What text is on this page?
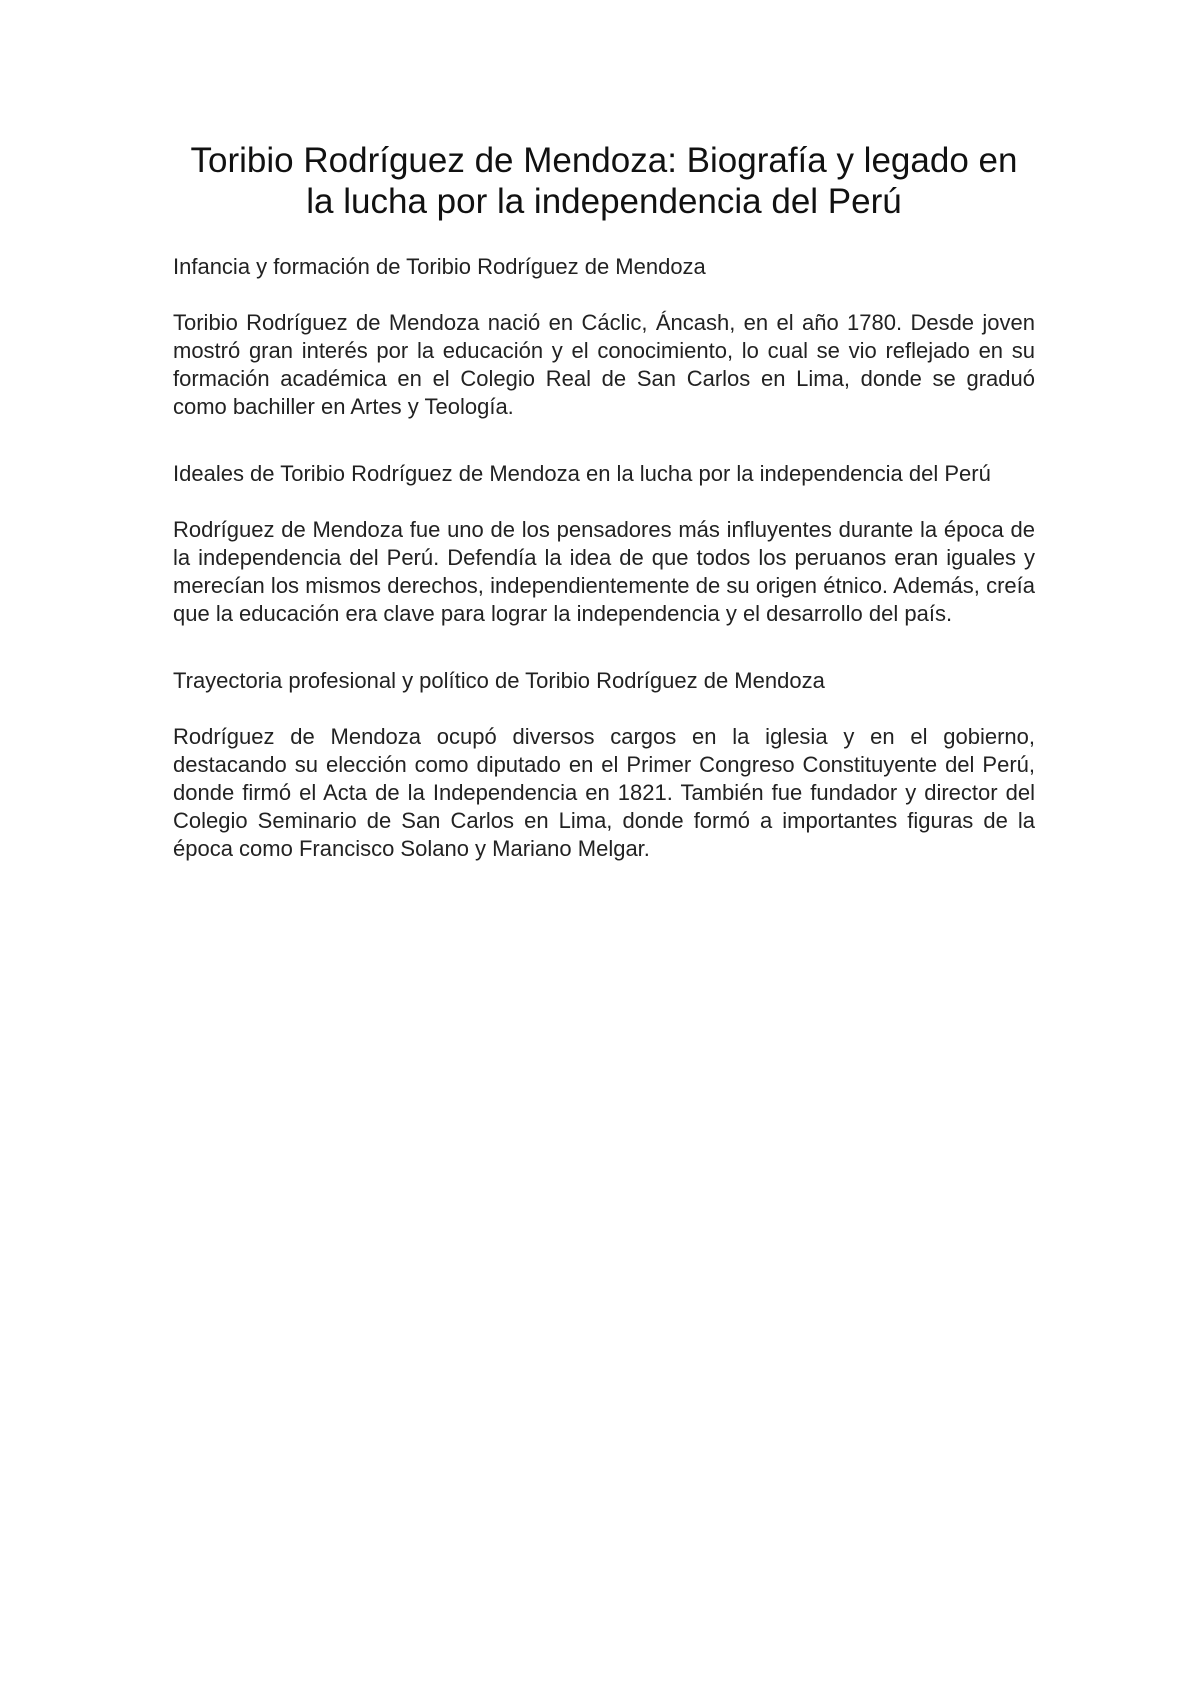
Toribio Rodríguez de Mendoza: Biografía y legado en la lucha por la independencia del Perú
Infancia y formación de Toribio Rodríguez de Mendoza

Toribio Rodríguez de Mendoza nació en Cáclic, Áncash, en el año 1780. Desde joven mostró gran interés por la educación y el conocimiento, lo cual se vio reflejado en su formación académica en el Colegio Real de San Carlos en Lima, donde se graduó como bachiller en Artes y Teología.

Ideales de Toribio Rodríguez de Mendoza en la lucha por la independencia del Perú

Rodríguez de Mendoza fue uno de los pensadores más influyentes durante la época de la independencia del Perú. Defendía la idea de que todos los peruanos eran iguales y merecían los mismos derechos, independientemente de su origen étnico. Además, creía que la educación era clave para lograr la independencia y el desarrollo del país.

Trayectoria profesional y político de Toribio Rodríguez de Mendoza

Rodríguez de Mendoza ocupó diversos cargos en la iglesia y en el gobierno, destacando su elección como diputado en el Primer Congreso Constituyente del Perú, donde firmó el Acta de la Independencia en 1821. También fue fundador y director del Colegio Seminario de San Carlos en Lima, donde formó a importantes figuras de la época como Francisco Solano y Mariano Melgar.
